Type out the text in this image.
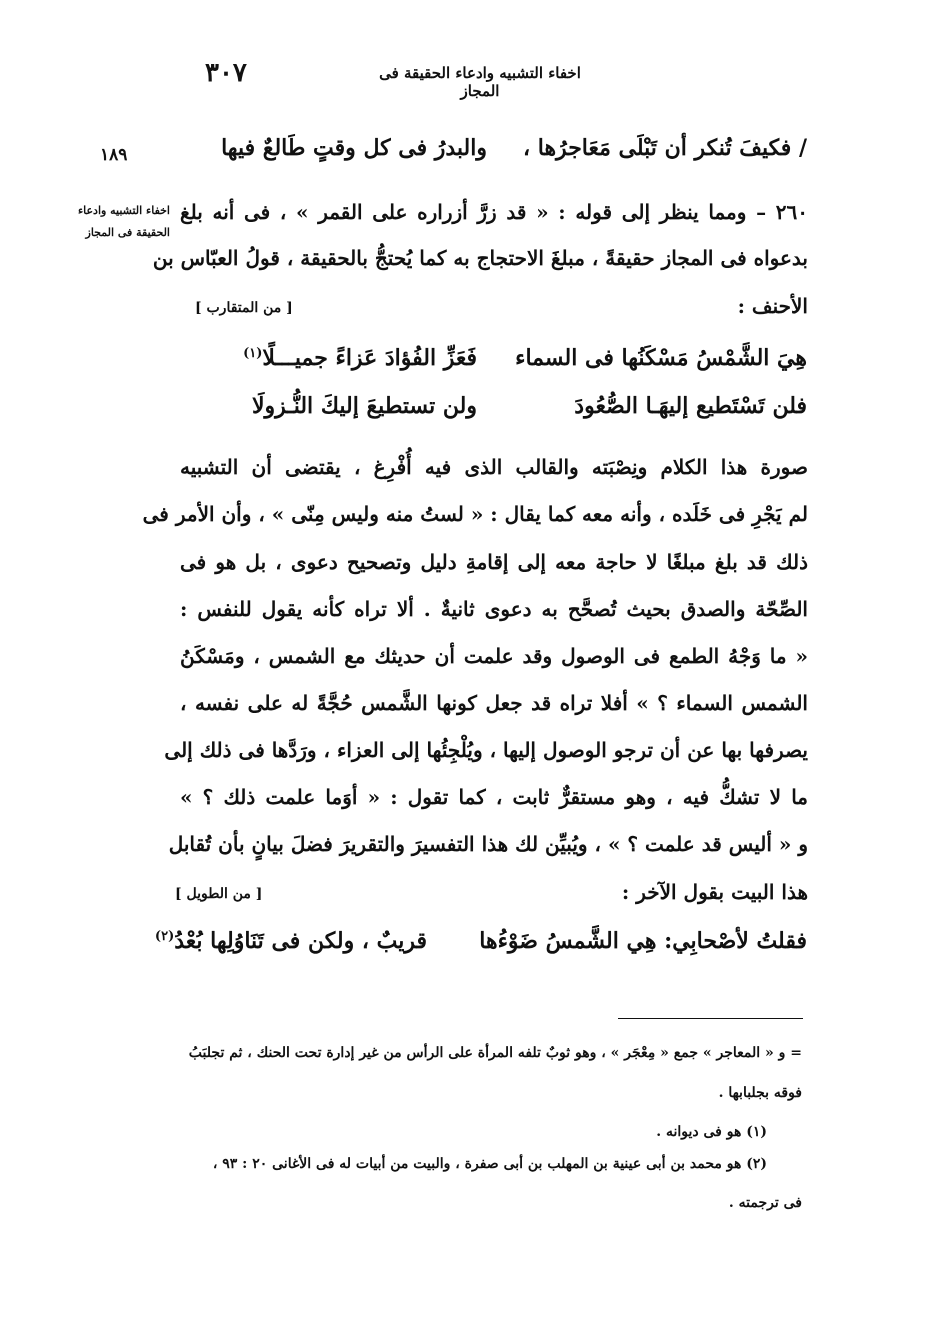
٣٠٧	اخفاء التشبيه وادعاء الحقيقة فى المجاز
١٨٩	/ فكيفَ تُنكر أن تَبْلَى مَعَاجرُها ،
والبدرُ فى كل وقتٍ طَالعٌ فيها
اخفاء التشبيه وادعاء
الحقيقة فى المجاز
٢٦٠ – ومما ينظر إلى قوله : « قد زرَّ أزراره على القمر » ، فى أنه بلغ
بدعواه فى المجاز حقيقةً ، مبلغَ الاحتجاج به كما يُحتجُّ بالحقيقة ، قولُ العبّاس بن
الأحنف :
[ من المتقارب ]
هِيَ الشَّمْسُ مَسْكَنُها فى السماء
فَعَزِّ الفُؤادَ عَزاءً جميـــلًا$^{(١)}$
فلن تَسْتَطيع إليهَـا الصُّعُودَ
ولن تستطيعَ إليكَ النُّـزولَا
صورة هذا الكلام ونِصْبَته والقالب الذى فيه أُفْرِغ ، يقتضى أن التشبيه
لم يَجْرِ فى خَلَده ، وأنه معه كما يقال : « لستُ منه وليس مِنّى » ، وأن الأمر فى
ذلك قد بلغ مبلغًا لا حاجة معه إلى إقامةِ دليل وتصحيح دعوى ، بل هو فى
الصِّحّة والصدق بحيث تُصحَّح به دعوى ثانيةٌ . ألا تراه كأنه يقول للنفس :
« ما وَجْهُ الطمع فى الوصول وقد علمت أن حديثك مع الشمس ، ومَسْكَنُ
الشمس السماء ؟ » أفلا تراه قد جعل كونها الشَّمس حُجَّةً له على نفسه ،
يصرفها بها عن أن ترجو الوصول إليها ، ويُلْجِئُها إلى العزاء ، ورَدَّها فى ذلك إلى
ما لا تشكُّ فيه ، وهو مستقرٌّ ثابت ، كما تقول : « أوَما علمت ذلك ؟ »
و « أليس قد علمت ؟ » ، ويُبيِّن لك هذا التفسيرَ والتقريرَ فضلَ بيانٍ بأن تُقابل
هذا البيت بقول الآخر :
[ من الطويل ]
فقلتُ لأصْحابِي: هِي الشَّمسُ ضَوْءُها
قريبٌ ، ولكن فى تَنَاوُلِها بُعْدُ$^{(٢)}$
= و « المعاجر » جمع « مِعْجَر » ، وهو ثوبٌ تلفه المرأة على الرأس من غير إدارة تحت الحنك ، ثم تجلبَبُ
فوقه بجلبابها .
(١) هو فى ديوانه .
(٢) هو محمد بن أبى عينية بن المهلب بن أبى صفرة ، والبيت من أبيات له فى الأغانى ٢٠ : ٩٣ ،
فى ترجمته .
